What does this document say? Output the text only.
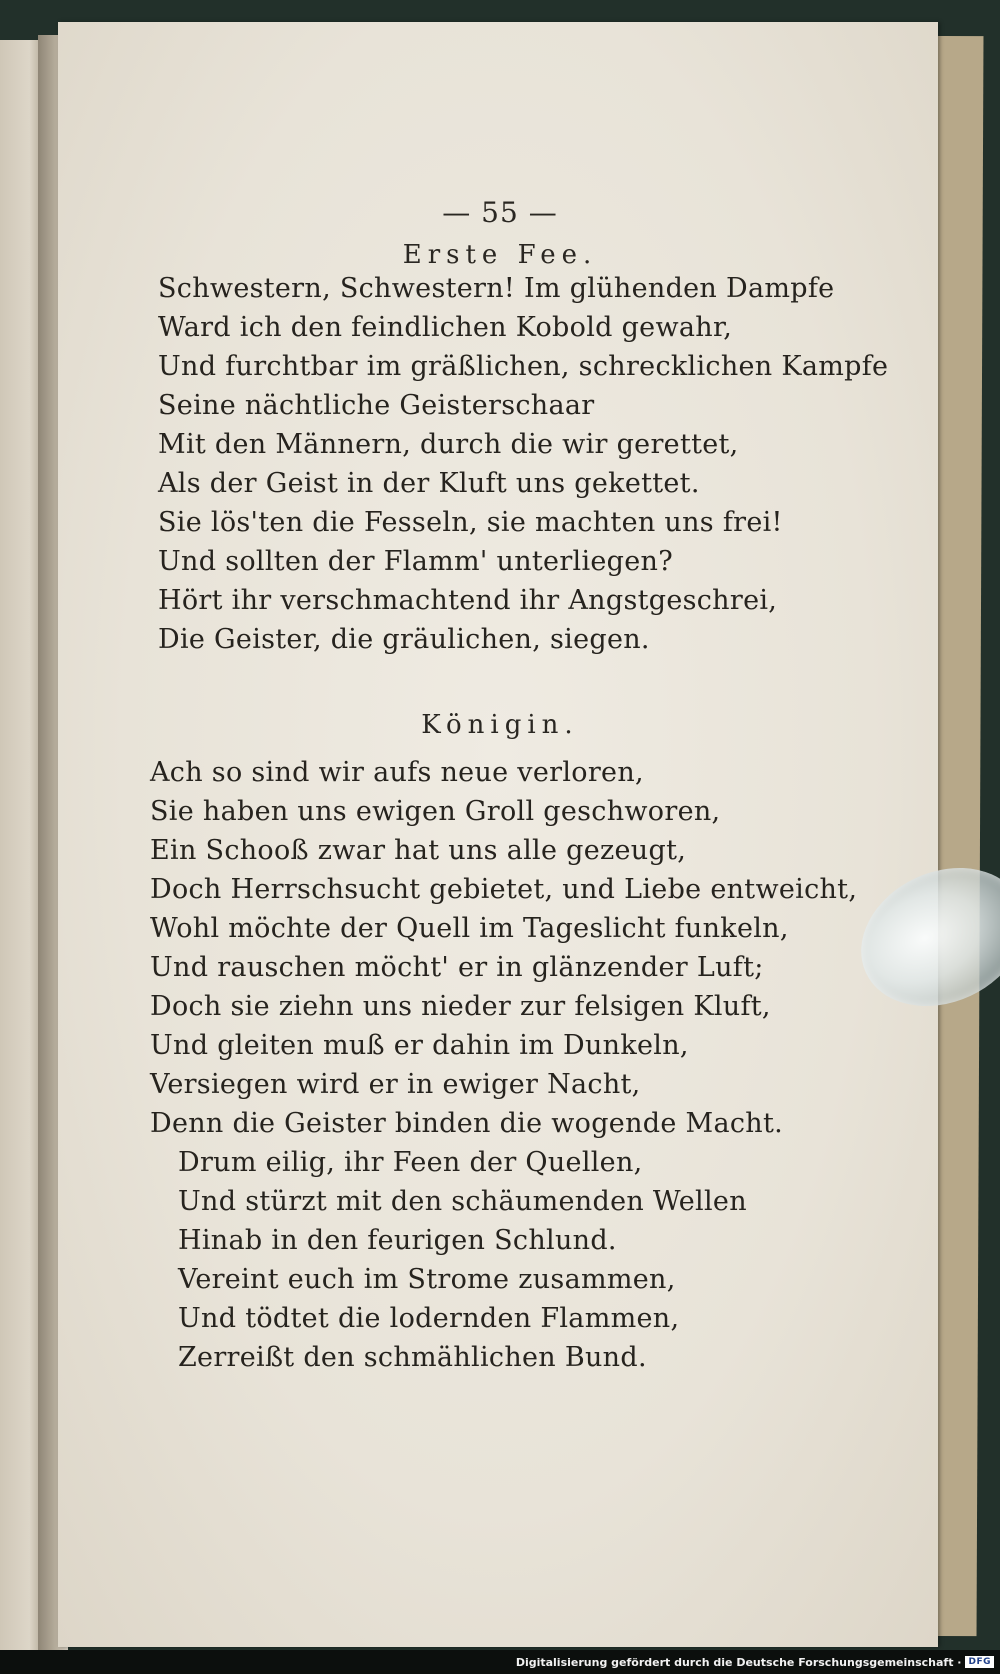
— 55 —
Erste Fee.
Schwestern, Schwestern! Im glühenden Dampfe
Ward ich den feindlichen Kobold gewahr,
Und furchtbar im gräßlichen, schrecklichen Kampfe
Seine nächtliche Geisterschaar
Mit den Männern, durch die wir gerettet,
Als der Geist in der Kluft uns gekettet.
Sie lös'ten die Fesseln, sie machten uns frei!
Und sollten der Flamm' unterliegen?
Hört ihr verschmachtend ihr Angstgeschrei,
Die Geister, die gräulichen, siegen.
Königin.
Ach so sind wir aufs neue verloren,
Sie haben uns ewigen Groll geschworen,
Ein Schooß zwar hat uns alle gezeugt,
Doch Herrschsucht gebietet, und Liebe entweicht,
Wohl möchte der Quell im Tageslicht funkeln,
Und rauschen möcht' er in glänzender Luft;
Doch sie ziehn uns nieder zur felsigen Kluft,
Und gleiten muß er dahin im Dunkeln,
Versiegen wird er in ewiger Nacht,
Denn die Geister binden die wogende Macht.
Drum eilig, ihr Feen der Quellen,
Und stürzt mit den schäumenden Wellen
Hinab in den feurigen Schlund.
Vereint euch im Strome zusammen,
Und tödtet die lodernden Flammen,
Zerreißt den schmählichen Bund.
Digitalisierung gefördert durch die Deutsche Forschungsgemeinschaft · DFG
